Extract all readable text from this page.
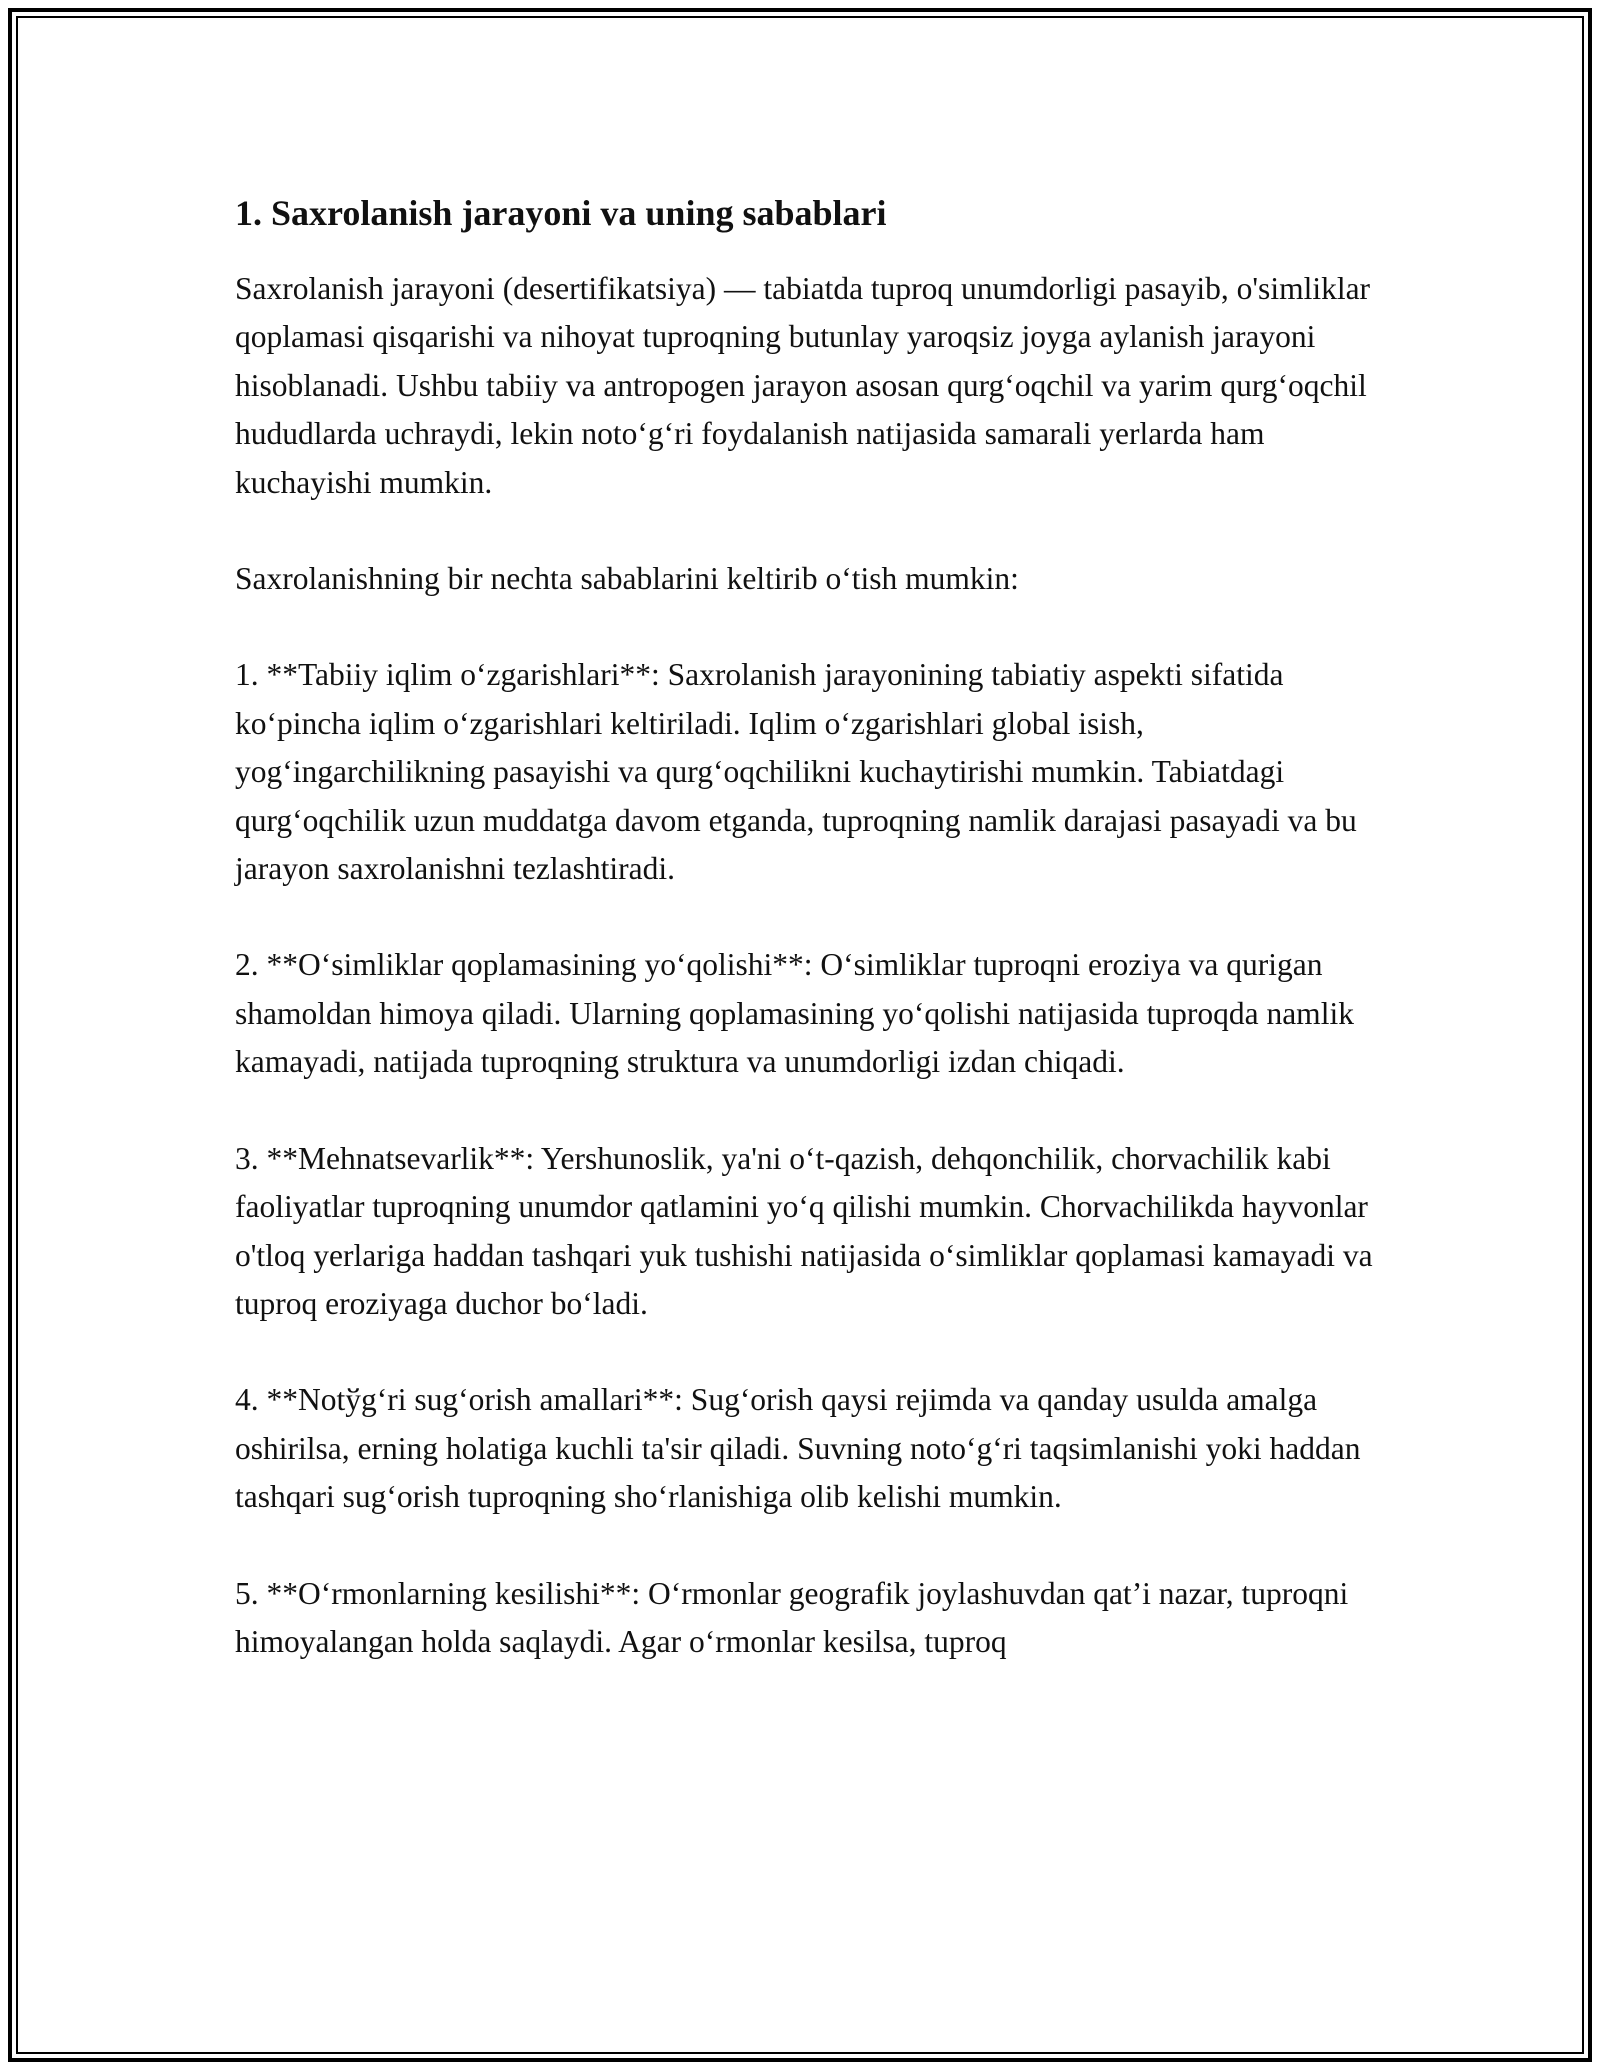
1. Saxrolanish jarayoni va uning sabablari

Saxrolanish jarayoni (desertifikatsiya) — tabiatda tuproq unumdorligi pasayib, o'simliklar qoplamasi qisqarishi va nihoyat tuproqning butunlay yaroqsiz joyga aylanish jarayoni hisoblanadi. Ushbu tabiiy va antropogen jarayon asosan qurg‘oqchil va yarim qurg‘oqchil hududlarda uchraydi, lekin noto‘g‘ri foydalanish natijasida samarali yerlarda ham kuchayishi mumkin.

Saxrolanishning bir nechta sabablarini keltirib o‘tish mumkin:

1. **Tabiiy iqlim o‘zgarishlari**: Saxrolanish jarayonining tabiatiy aspekti sifatida ko‘pincha iqlim o‘zgarishlari keltiriladi. Iqlim o‘zgarishlari global isish, yog‘ingarchilikning pasayishi va qurg‘oqchilikni kuchaytirishi mumkin. Tabiatdagi qurg‘oqchilik uzun muddatga davom etganda, tuproqning namlik darajasi pasayadi va bu jarayon saxrolanishni tezlashtiradi.

2. **O‘simliklar qoplamasining yo‘qolishi**: O‘simliklar tuproqni eroziya va qurigan shamoldan himoya qiladi. Ularning qoplamasining yo‘qolishi natijasida tuproqda namlik kamayadi, natijada tuproqning struktura va unumdorligi izdan chiqadi.

3. **Mehnatsevarlik**: Yershunoslik, ya'ni o‘t-qazish, dehqonchilik, chorvachilik kabi faoliyatlar tuproqning unumdor qatlamini yo‘q qilishi mumkin. Chorvachilikda hayvonlar o'tloq yerlariga haddan tashqari yuk tushishi natijasida o‘simliklar qoplamasi kamayadi va tuproq eroziyaga duchor bo‘ladi.

4. **Notўg‘ri sug‘orish amallari**: Sug‘orish qaysi rejimda va qanday usulda amalga oshirilsa, erning holatiga kuchli ta'sir qiladi. Suvning noto‘g‘ri taqsimlanishi yoki haddan tashqari sug‘orish tuproqning sho‘rlanishiga olib kelishi mumkin.

5. **O‘rmonlarning kesilishi**: O‘rmonlar geografik joylashuvdan qat’i nazar, tuproqni himoyalangan holda saqlaydi. Agar o‘rmonlar kesilsa, tuproq
